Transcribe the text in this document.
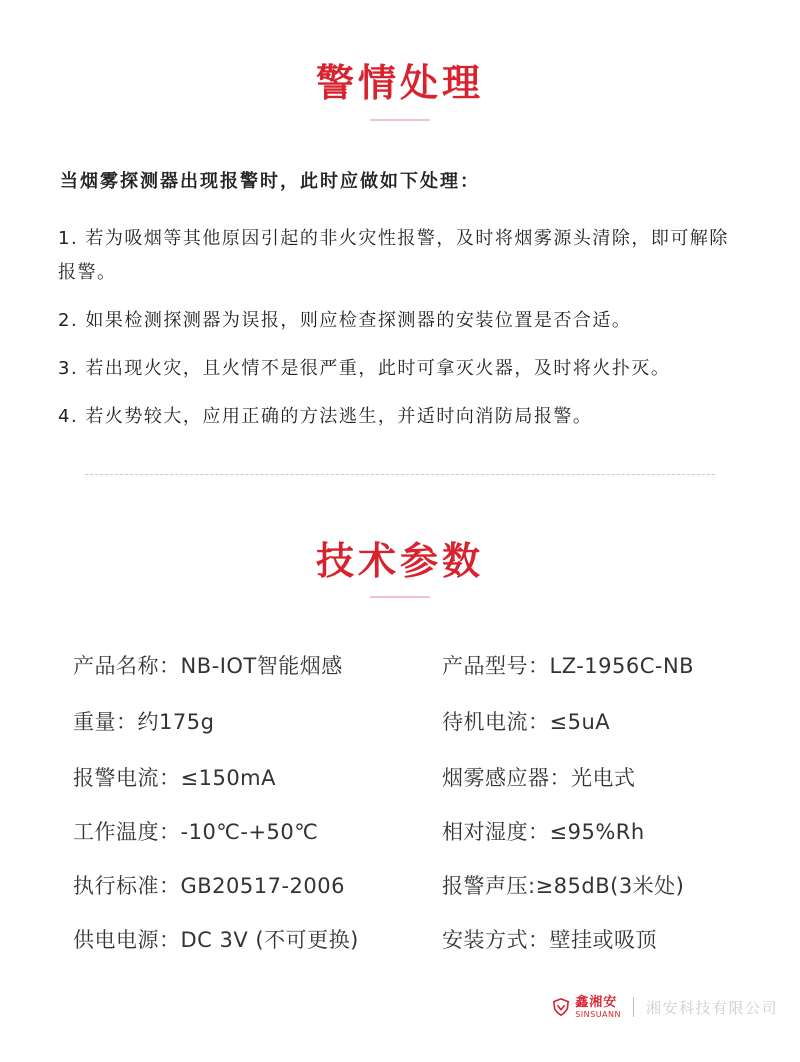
警情处理
当烟雾探测器出现报警时，此时应做如下处理：
1. 若为吸烟等其他原因引起的非火灾性报警，及时将烟雾源头清除，即可解除报警。
2. 如果检测探测器为误报，则应检查探测器的安装位置是否合适。
3. 若出现火灾，且火情不是很严重，此时可拿灭火器，及时将火扑灭。
4. 若火势较大，应用正确的方法逃生，并适时向消防局报警。
技术参数
产品名称：NB-IOT智能烟感
重量：约175g
报警电流：≤150mA
工作温度：-10℃-+50℃
执行标准：GB20517-2006
供电电源：DC 3V (不可更换)
产品型号：LZ-1956C-NB
待机电流：≤5uA
烟雾感应器：光电式
相对湿度：≤95%Rh
报警声压:≥85dB(3米处)
安装方式：壁挂或吸顶
鑫湘安
SINSUANN 湘安科技有限公司
